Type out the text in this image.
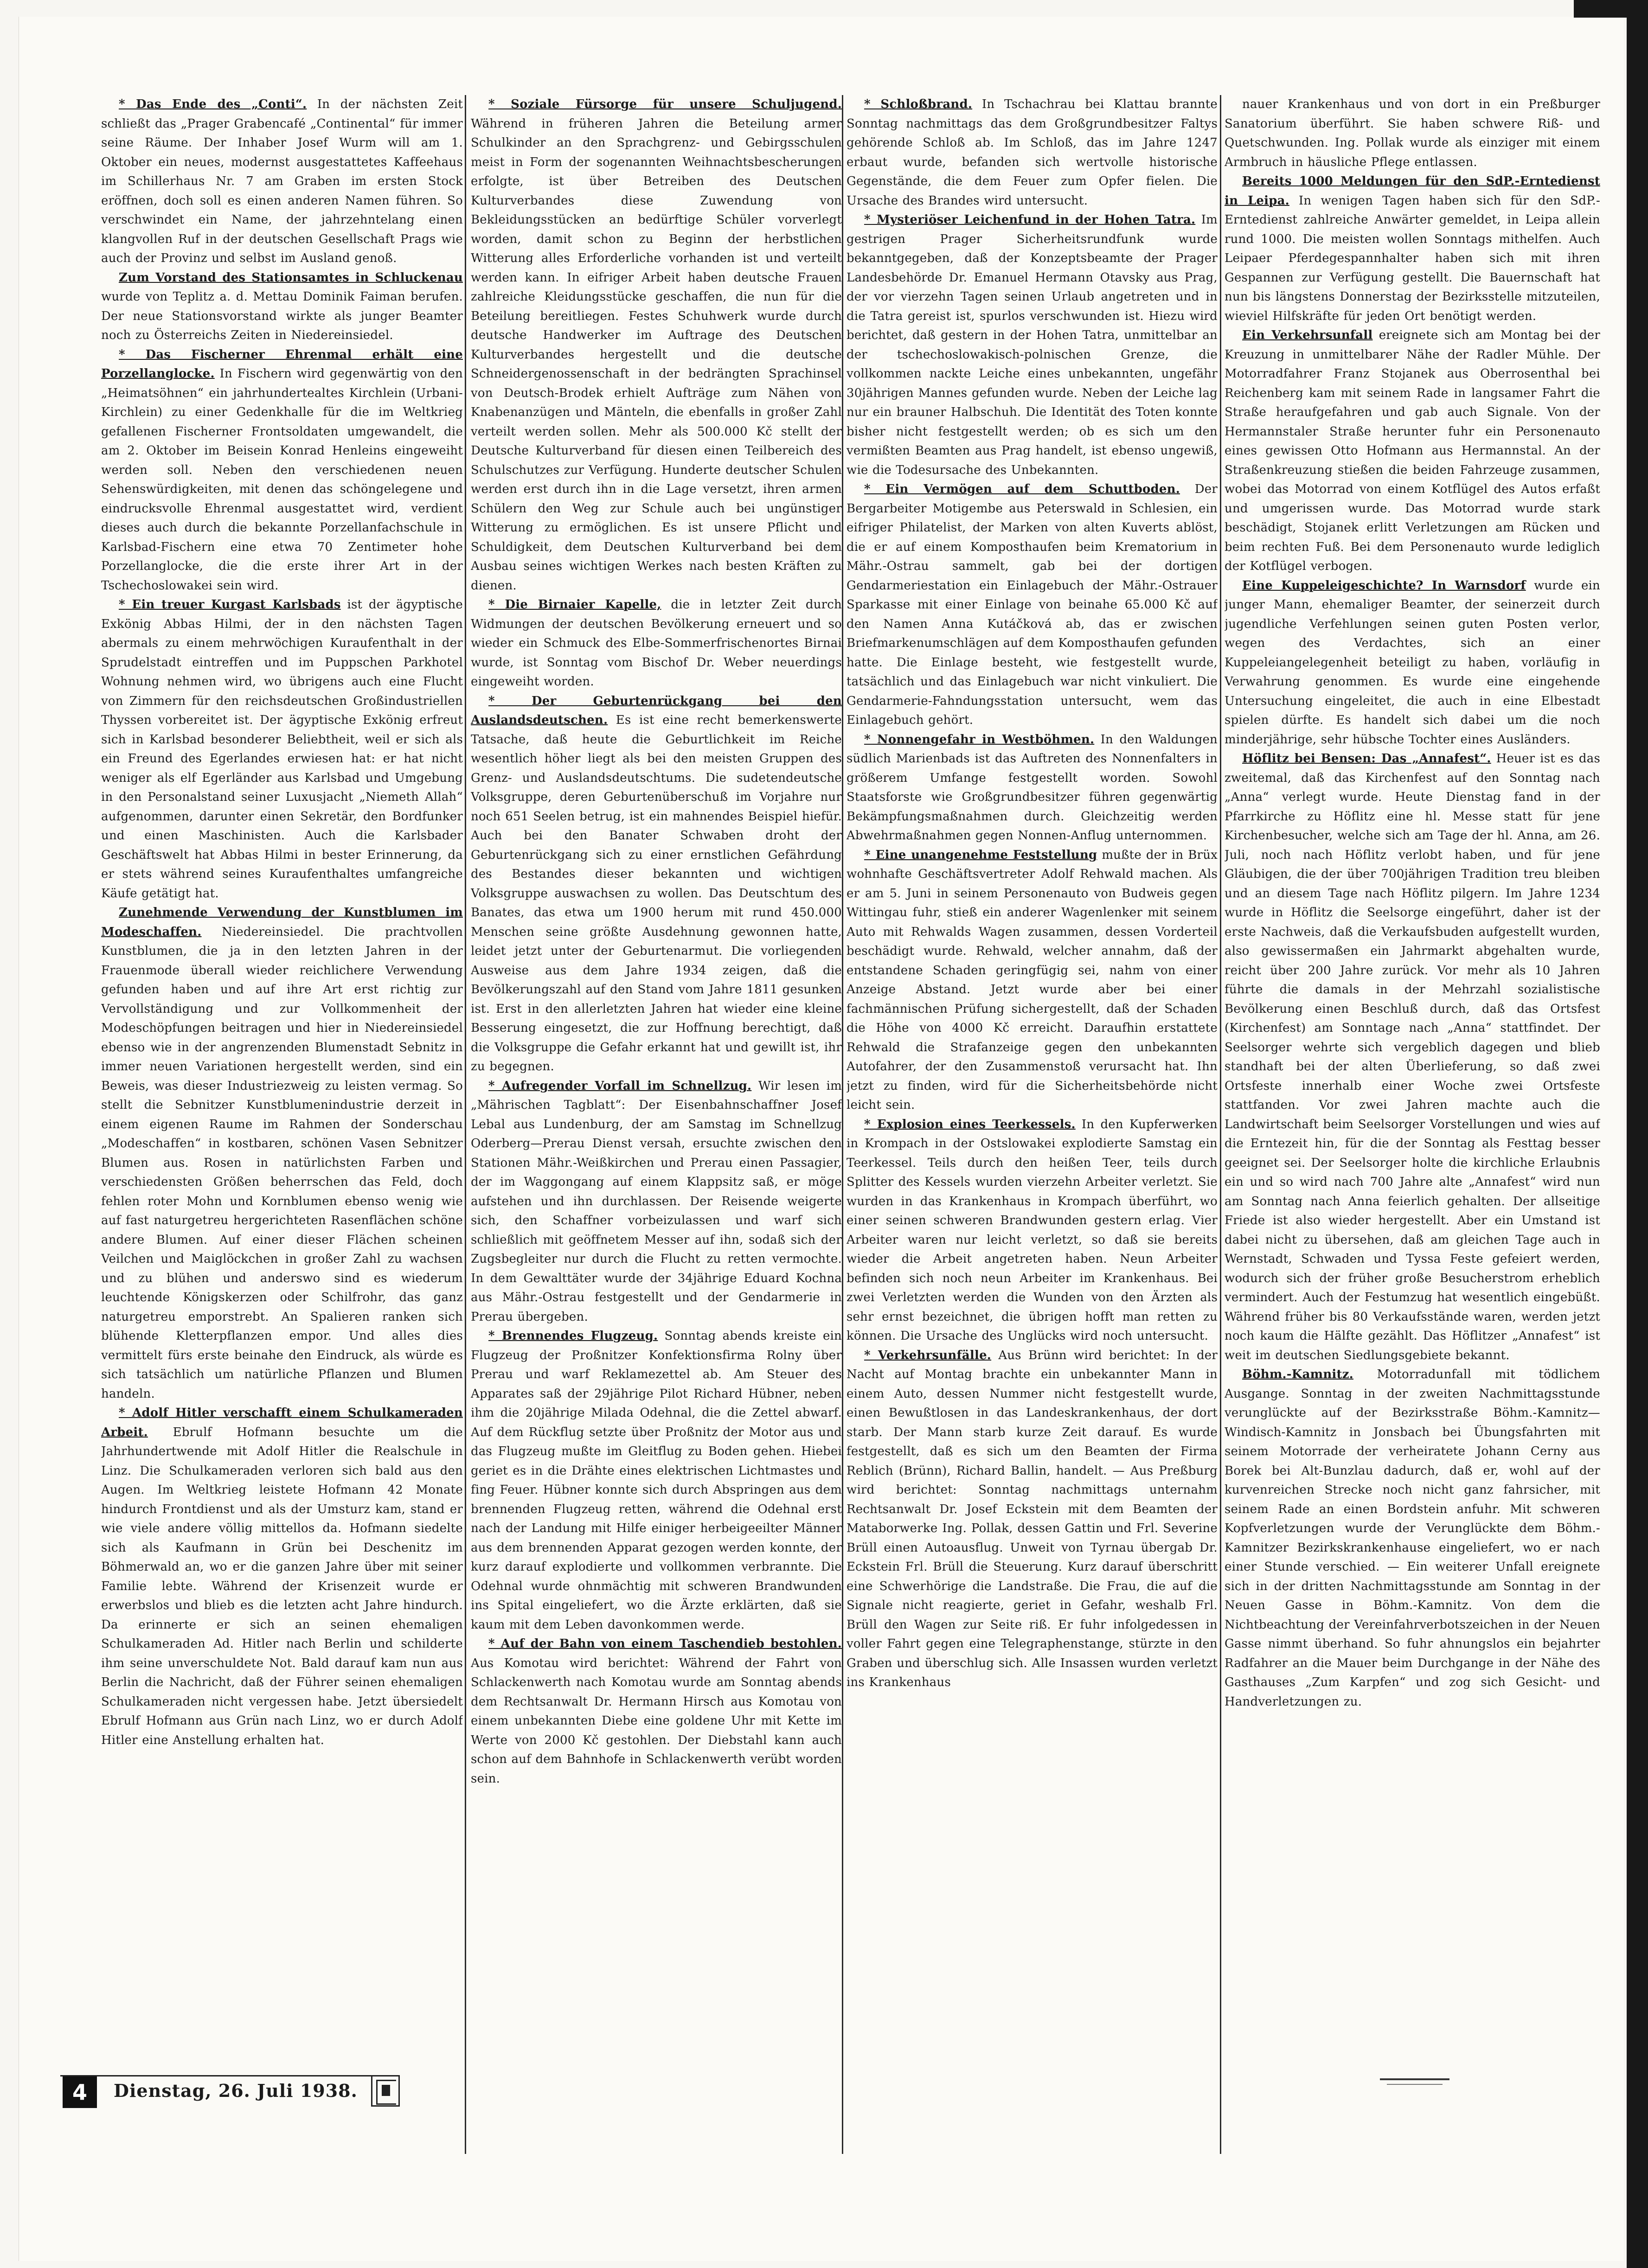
* Das Ende des „Conti“. In der nächsten Zeit schließt das „Prager Grabencafé „Continental“ für immer seine Räume. Der Inhaber Josef Wurm will am 1. Oktober ein neues, modernst ausgestattetes Kaffeehaus im Schillerhaus Nr. 7 am Graben im ersten Stock eröffnen, doch soll es einen anderen Namen führen. So verschwindet ein Name, der jahrzehntelang einen klangvollen Ruf in der deutschen Gesellschaft Prags wie auch der Provinz und selbst im Ausland genoß.

Zum Vorstand des Stationsamtes in Schluckenau wurde von Teplitz a. d. Mettau Dominik Faiman berufen. Der neue Stationsvorstand wirkte als junger Beamter noch zu Österreichs Zeiten in Niedereinsiedel.

* Das Fischerner Ehrenmal erhält eine Porzellanglocke. In Fischern wird gegenwärtig von den „Heimatsöhnen“ ein jahrhundertealtes Kirchlein (Urbani-Kirchlein) zu einer Gedenkhalle für die im Weltkrieg gefallenen Fischerner Frontsoldaten umgewandelt, die am 2. Oktober im Beisein Konrad Henleins eingeweiht werden soll. Neben den verschiedenen neuen Sehenswürdigkeiten, mit denen das schöngelegene und eindrucksvolle Ehrenmal ausgestattet wird, verdient dieses auch durch die bekannte Porzellanfachschule in Karlsbad-Fischern eine etwa 70 Zentimeter hohe Porzellanglocke, die die erste ihrer Art in der Tschechoslowakei sein wird.

* Ein treuer Kurgast Karlsbads ist der ägyptische Exkönig Abbas Hilmi, der in den nächsten Tagen abermals zu einem mehrwöchigen Kuraufenthalt in der Sprudelstadt eintreffen und im Puppschen Parkhotel Wohnung nehmen wird, wo übrigens auch eine Flucht von Zimmern für den reichsdeutschen Großindustriellen Thyssen vorbereitet ist. Der ägyptische Exkönig erfreut sich in Karlsbad besonderer Beliebtheit, weil er sich als ein Freund des Egerlandes erwiesen hat: er hat nicht weniger als elf Egerländer aus Karlsbad und Umgebung in den Personalstand seiner Luxusjacht „Niemeth Allah“ aufgenommen, darunter einen Sekretär, den Bordfunker und einen Maschinisten. Auch die Karlsbader Geschäftswelt hat Abbas Hilmi in bester Erinnerung, da er stets während seines Kuraufenthaltes umfangreiche Käufe getätigt hat.

Zunehmende Verwendung der Kunstblumen im Modeschaffen. Niedereinsiedel. Die prachtvollen Kunstblumen, die ja in den letzten Jahren in der Frauenmode überall wieder reichlichere Verwendung gefunden haben und auf ihre Art erst richtig zur Vervollständigung und zur Vollkommenheit der Modeschöpfungen beitragen und hier in Niedereinsiedel ebenso wie in der angrenzenden Blumenstadt Sebnitz in immer neuen Variationen hergestellt werden, sind ein Beweis, was dieser Industriezweig zu leisten vermag. So stellt die Sebnitzer Kunstblumenindustrie derzeit in einem eigenen Raume im Rahmen der Sonderschau „Modeschaffen“ in kostbaren, schönen Vasen Sebnitzer Blumen aus. Rosen in natürlichsten Farben und verschiedensten Größen beherrschen das Feld, doch fehlen roter Mohn und Kornblumen ebenso wenig wie auf fast naturgetreu hergerichteten Rasenflächen schöne andere Blumen. Auf einer dieser Flächen scheinen Veilchen und Maiglöckchen in großer Zahl zu wachsen und zu blühen und anderswo sind es wiederum leuchtende Königskerzen oder Schilfrohr, das ganz naturgetreu emporstrebt. An Spalieren ranken sich blühende Kletterpflanzen empor. Und alles dies vermittelt fürs erste beinahe den Eindruck, als würde es sich tatsächlich um natürliche Pflanzen und Blumen handeln.

* Adolf Hitler verschafft einem Schulkameraden Arbeit. Ebrulf Hofmann besuchte um die Jahrhundertwende mit Adolf Hitler die Realschule in Linz. Die Schulkameraden verloren sich bald aus den Augen. Im Weltkrieg leistete Hofmann 42 Monate hindurch Frontdienst und als der Umsturz kam, stand er wie viele andere völlig mittellos da. Hofmann siedelte sich als Kaufmann in Grün bei Deschenitz im Böhmerwald an, wo er die ganzen Jahre über mit seiner Familie lebte. Während der Krisenzeit wurde er erwerbslos und blieb es die letzten acht Jahre hindurch. Da erinnerte er sich an seinen ehemaligen Schulkameraden Ad. Hitler nach Berlin und schilderte ihm seine unverschuldete Not. Bald darauf kam nun aus Berlin die Nachricht, daß der Führer seinen ehemaligen Schulkameraden nicht vergessen habe. Jetzt übersiedelt Ebrulf Hofmann aus Grün nach Linz, wo er durch Adolf Hitler eine Anstellung erhalten hat.

* Soziale Fürsorge für unsere Schuljugend. Während in früheren Jahren die Beteilung armer Schulkinder an den Sprachgrenz- und Gebirgsschulen meist in Form der sogenannten Weihnachtsbescherungen erfolgte, ist über Betreiben des Deutschen Kulturverbandes diese Zuwendung von Bekleidungsstücken an bedürftige Schüler vorverlegt worden, damit schon zu Beginn der herbstlichen Witterung alles Erforderliche vorhanden ist und verteilt werden kann. In eifriger Arbeit haben deutsche Frauen zahlreiche Kleidungsstücke geschaffen, die nun für die Beteilung bereitliegen. Festes Schuhwerk wurde durch deutsche Handwerker im Auftrage des Deutschen Kulturverbandes hergestellt und die deutsche Schneidergenossenschaft in der bedrängten Sprachinsel von Deutsch-Brodek erhielt Aufträge zum Nähen von Knabenanzügen und Mänteln, die ebenfalls in großer Zahl verteilt werden sollen. Mehr als 500.000 Kč stellt der Deutsche Kulturverband für diesen einen Teilbereich des Schulschutzes zur Verfügung. Hunderte deutscher Schulen werden erst durch ihn in die Lage versetzt, ihren armen Schülern den Weg zur Schule auch bei ungünstiger Witterung zu ermöglichen. Es ist unsere Pflicht und Schuldigkeit, dem Deutschen Kulturverband bei dem Ausbau seines wichtigen Werkes nach besten Kräften zu dienen.

* Die Birnaier Kapelle, die in letzter Zeit durch Widmungen der deutschen Bevölkerung erneuert und so wieder ein Schmuck des Elbe-Sommerfrischenortes Birnai wurde, ist Sonntag vom Bischof Dr. Weber neuerdings eingeweiht worden.

* Der Geburtenrückgang bei den Auslandsdeutschen. Es ist eine recht bemerkenswerte Tatsache, daß heute die Geburtlichkeit im Reiche wesentlich höher liegt als bei den meisten Gruppen des Grenz- und Auslandsdeutschtums. Die sudetendeutsche Volksgruppe, deren Geburtenüberschuß im Vorjahre nur noch 651 Seelen betrug, ist ein mahnendes Beispiel hiefür. Auch bei den Banater Schwaben droht der Geburtenrückgang sich zu einer ernstlichen Gefährdung des Bestandes dieser bekannten und wichtigen Volksgruppe auswachsen zu wollen. Das Deutschtum des Banates, das etwa um 1900 herum mit rund 450.000 Menschen seine größte Ausdehnung gewonnen hatte, leidet jetzt unter der Geburtenarmut. Die vorliegenden Ausweise aus dem Jahre 1934 zeigen, daß die Bevölkerungszahl auf den Stand vom Jahre 1811 gesunken ist. Erst in den allerletzten Jahren hat wieder eine kleine Besserung eingesetzt, die zur Hoffnung berechtigt, daß die Volksgruppe die Gefahr erkannt hat und gewillt ist, ihr zu begegnen.

* Aufregender Vorfall im Schnellzug. Wir lesen im „Mährischen Tagblatt“: Der Eisenbahnschaffner Josef Lebal aus Lundenburg, der am Samstag im Schnellzug Oderberg—Prerau Dienst versah, ersuchte zwischen den Stationen Mähr.-Weißkirchen und Prerau einen Passagier, der im Waggongang auf einem Klappsitz saß, er möge aufstehen und ihn durchlassen. Der Reisende weigerte sich, den Schaffner vorbeizulassen und warf sich schließlich mit geöffnetem Messer auf ihn, sodaß sich der Zugsbegleiter nur durch die Flucht zu retten vermochte. In dem Gewalttäter wurde der 34jährige Eduard Kochna aus Mähr.-Ostrau festgestellt und der Gendarmerie in Prerau übergeben.

* Brennendes Flugzeug. Sonntag abends kreiste ein Flugzeug der Proßnitzer Konfektionsfirma Rolny über Prerau und warf Reklamezettel ab. Am Steuer des Apparates saß der 29jährige Pilot Richard Hübner, neben ihm die 20jährige Milada Odehnal, die die Zettel abwarf. Auf dem Rückflug setzte über Proßnitz der Motor aus und das Flugzeug mußte im Gleitflug zu Boden gehen. Hiebei geriet es in die Drähte eines elektrischen Lichtmastes und fing Feuer. Hübner konnte sich durch Abspringen aus dem brennenden Flugzeug retten, während die Odehnal erst nach der Landung mit Hilfe einiger herbeigeeilter Männer aus dem brennenden Apparat gezogen werden konnte, der kurz darauf explodierte und vollkommen verbrannte. Die Odehnal wurde ohnmächtig mit schweren Brandwunden ins Spital eingeliefert, wo die Ärzte erklärten, daß sie kaum mit dem Leben davonkommen werde.

* Auf der Bahn von einem Taschendieb bestohlen. Aus Komotau wird berichtet: Während der Fahrt von Schlackenwerth nach Komotau wurde am Sonntag abends dem Rechtsanwalt Dr. Hermann Hirsch aus Komotau von einem unbekannten Diebe eine goldene Uhr mit Kette im Werte von 2000 Kč gestohlen. Der Diebstahl kann auch schon auf dem Bahnhofe in Schlackenwerth verübt worden sein.

* Schloßbrand. In Tschachrau bei Klattau brannte Sonntag nachmittags das dem Großgrundbesitzer Faltys gehörende Schloß ab. Im Schloß, das im Jahre 1247 erbaut wurde, befanden sich wertvolle historische Gegenstände, die dem Feuer zum Opfer fielen. Die Ursache des Brandes wird untersucht.

* Mysteriöser Leichenfund in der Hohen Tatra. Im gestrigen Prager Sicherheitsrundfunk wurde bekanntgegeben, daß der Konzeptsbeamte der Prager Landesbehörde Dr. Emanuel Hermann Otavsky aus Prag, der vor vierzehn Tagen seinen Urlaub angetreten und in die Tatra gereist ist, spurlos verschwunden ist. Hiezu wird berichtet, daß gestern in der Hohen Tatra, unmittelbar an der tschechoslowakisch-polnischen Grenze, die vollkommen nackte Leiche eines unbekannten, ungefähr 30jährigen Mannes gefunden wurde. Neben der Leiche lag nur ein brauner Halbschuh. Die Identität des Toten konnte bisher nicht festgestellt werden; ob es sich um den vermißten Beamten aus Prag handelt, ist ebenso ungewiß, wie die Todesursache des Unbekannten.

* Ein Vermögen auf dem Schuttboden. Der Bergarbeiter Motigembe aus Peterswald in Schlesien, ein eifriger Philatelist, der Marken von alten Kuverts ablöst, die er auf einem Komposthaufen beim Krematorium in Mähr.-Ostrau sammelt, gab bei der dortigen Gendarmeriestation ein Einlagebuch der Mähr.-Ostrauer Sparkasse mit einer Einlage von beinahe 65.000 Kč auf den Namen Anna Kutáčková ab, das er zwischen Briefmarkenumschlägen auf dem Komposthaufen gefunden hatte. Die Einlage besteht, wie festgestellt wurde, tatsächlich und das Einlagebuch war nicht vinkuliert. Die Gendarmerie-Fahndungsstation untersucht, wem das Einlagebuch gehört.

* Nonnengefahr in Westböhmen. In den Waldungen südlich Marienbads ist das Auftreten des Nonnenfalters in größerem Umfange festgestellt worden. Sowohl Staatsforste wie Großgrundbesitzer führen gegenwärtig Bekämpfungsmaßnahmen durch. Gleichzeitig werden Abwehrmaßnahmen gegen Nonnen-Anflug unternommen.

* Eine unangenehme Feststellung mußte der in Brüx wohnhafte Geschäftsvertreter Adolf Rehwald machen. Als er am 5. Juni in seinem Personenauto von Budweis gegen Wittingau fuhr, stieß ein anderer Wagenlenker mit seinem Auto mit Rehwalds Wagen zusammen, dessen Vorderteil beschädigt wurde. Rehwald, welcher annahm, daß der entstandene Schaden geringfügig sei, nahm von einer Anzeige Abstand. Jetzt wurde aber bei einer fachmännischen Prüfung sichergestellt, daß der Schaden die Höhe von 4000 Kč erreicht. Daraufhin erstattete Rehwald die Strafanzeige gegen den unbekannten Autofahrer, der den Zusammenstoß verursacht hat. Ihn jetzt zu finden, wird für die Sicherheitsbehörde nicht leicht sein.

* Explosion eines Teerkessels. In den Kupferwerken in Krompach in der Ostslowakei explodierte Samstag ein Teerkessel. Teils durch den heißen Teer, teils durch Splitter des Kessels wurden vierzehn Arbeiter verletzt. Sie wurden in das Krankenhaus in Krompach überführt, wo einer seinen schweren Brandwunden gestern erlag. Vier Arbeiter waren nur leicht verletzt, so daß sie bereits wieder die Arbeit angetreten haben. Neun Arbeiter befinden sich noch neun Arbeiter im Krankenhaus. Bei zwei Verletzten werden die Wunden von den Ärzten als sehr ernst bezeichnet, die übrigen hofft man retten zu können. Die Ursache des Unglücks wird noch untersucht.

* Verkehrsunfälle. Aus Brünn wird berichtet: In der Nacht auf Montag brachte ein unbekannter Mann in einem Auto, dessen Nummer nicht festgestellt wurde, einen Bewußtlosen in das Landeskrankenhaus, der dort starb. Der Mann starb kurze Zeit darauf. Es wurde festgestellt, daß es sich um den Beamten der Firma Reblich (Brünn), Richard Ballin, handelt. — Aus Preßburg wird berichtet: Sonntag nachmittags unternahm Rechtsanwalt Dr. Josef Eckstein mit dem Beamten der Mataborwerke Ing. Pollak, dessen Gattin und Frl. Severine Brüll einen Autoausflug. Unweit von Tyrnau übergab Dr. Eckstein Frl. Brüll die Steuerung. Kurz darauf überschritt eine Schwerhörige die Landstraße. Die Frau, die auf die Signale nicht reagierte, geriet in Gefahr, weshalb Frl. Brüll den Wagen zur Seite riß. Er fuhr infolgedessen in voller Fahrt gegen eine Telegraphenstange, stürzte in den Graben und überschlug sich. Alle Insassen wurden verletzt ins Krankenhaus

nauer Krankenhaus und von dort in ein Preßburger Sanatorium überführt. Sie haben schwere Riß- und Quetschwunden. Ing. Pollak wurde als einziger mit einem Armbruch in häusliche Pflege entlassen.

Bereits 1000 Meldungen für den SdP.-Erntedienst in Leipa. In wenigen Tagen haben sich für den SdP.-Erntedienst zahlreiche Anwärter gemeldet, in Leipa allein rund 1000. Die meisten wollen Sonntags mithelfen. Auch Leipaer Pferdegespannhalter haben sich mit ihren Gespannen zur Verfügung gestellt. Die Bauernschaft hat nun bis längstens Donnerstag der Bezirksstelle mitzuteilen, wieviel Hilfskräfte für jeden Ort benötigt werden.

Ein Verkehrsunfall ereignete sich am Montag bei der Kreuzung in unmittelbarer Nähe der Radler Mühle. Der Motorradfahrer Franz Stojanek aus Oberrosenthal bei Reichenberg kam mit seinem Rade in langsamer Fahrt die Straße heraufgefahren und gab auch Signale. Von der Hermannstaler Straße herunter fuhr ein Personenauto eines gewissen Otto Hofmann aus Hermannstal. An der Straßenkreuzung stießen die beiden Fahrzeuge zusammen, wobei das Motorrad von einem Kotflügel des Autos erfaßt und umgerissen wurde. Das Motorrad wurde stark beschädigt, Stojanek erlitt Verletzungen am Rücken und beim rechten Fuß. Bei dem Personenauto wurde lediglich der Kotflügel verbogen.

Eine Kuppeleigeschichte? In Warnsdorf wurde ein junger Mann, ehemaliger Beamter, der seinerzeit durch jugendliche Verfehlungen seinen guten Posten verlor, wegen des Verdachtes, sich an einer Kuppeleiangelegenheit beteiligt zu haben, vorläufig in Verwahrung genommen. Es wurde eine eingehende Untersuchung eingeleitet, die auch in eine Elbestadt spielen dürfte. Es handelt sich dabei um die noch minderjährige, sehr hübsche Tochter eines Ausländers.

Höflitz bei Bensen: Das „Annafest“. Heuer ist es das zweitemal, daß das Kirchenfest auf den Sonntag nach „Anna“ verlegt wurde. Heute Dienstag fand in der Pfarrkirche zu Höflitz eine hl. Messe statt für jene Kirchenbesucher, welche sich am Tage der hl. Anna, am 26. Juli, noch nach Höflitz verlobt haben, und für jene Gläubigen, die der über 700jährigen Tradition treu bleiben und an diesem Tage nach Höflitz pilgern. Im Jahre 1234 wurde in Höflitz die Seelsorge eingeführt, daher ist der erste Nachweis, daß die Verkaufsbuden aufgestellt wurden, also gewissermaßen ein Jahrmarkt abgehalten wurde, reicht über 200 Jahre zurück. Vor mehr als 10 Jahren führte die damals in der Mehrzahl sozialistische Bevölkerung einen Beschluß durch, daß das Ortsfest (Kirchenfest) am Sonntage nach „Anna“ stattfindet. Der Seelsorger wehrte sich vergeblich dagegen und blieb standhaft bei der alten Überlieferung, so daß zwei Ortsfeste innerhalb einer Woche zwei Ortsfeste stattfanden. Vor zwei Jahren machte auch die Landwirtschaft beim Seelsorger Vorstellungen und wies auf die Erntezeit hin, für die der Sonntag als Festtag besser geeignet sei. Der Seelsorger holte die kirchliche Erlaubnis ein und so wird nach 700 Jahre alte „Annafest“ wird nun am Sonntag nach Anna feierlich gehalten. Der allseitige Friede ist also wieder hergestellt. Aber ein Umstand ist dabei nicht zu übersehen, daß am gleichen Tage auch in Wernstadt, Schwaden und Tyssa Feste gefeiert werden, wodurch sich der früher große Besucherstrom erheblich vermindert. Auch der Festumzug hat wesentlich eingebüßt. Während früher bis 80 Verkaufsstände waren, werden jetzt noch kaum die Hälfte gezählt. Das Höflitzer „Annafest“ ist weit im deutschen Siedlungsgebiete bekannt.

Böhm.-Kamnitz. Motorradunfall mit tödlichem Ausgange. Sonntag in der zweiten Nachmittagsstunde verunglückte auf der Bezirksstraße Böhm.-Kamnitz—Windisch-Kamnitz in Jonsbach bei Übungsfahrten mit seinem Motorrade der verheiratete Johann Cerny aus Borek bei Alt-Bunzlau dadurch, daß er, wohl auf der kurvenreichen Strecke noch nicht ganz fahrsicher, mit seinem Rade an einen Bordstein anfuhr. Mit schweren Kopfverletzungen wurde der Verunglückte dem Böhm.-Kamnitzer Bezirkskrankenhause eingeliefert, wo er nach einer Stunde verschied. — Ein weiterer Unfall ereignete sich in der dritten Nachmittagsstunde am Sonntag in der Neuen Gasse in Böhm.-Kamnitz. Von dem die Nichtbeachtung der Vereinfahrverbotszeichen in der Neuen Gasse nimmt überhand. So fuhr ahnungslos ein bejahrter Radfahrer an die Mauer beim Durchgange in der Nähe des Gasthauses „Zum Karpfen“ und zog sich Gesicht- und Handverletzungen zu.

4	Dienstag, 26. Juli 1938.
